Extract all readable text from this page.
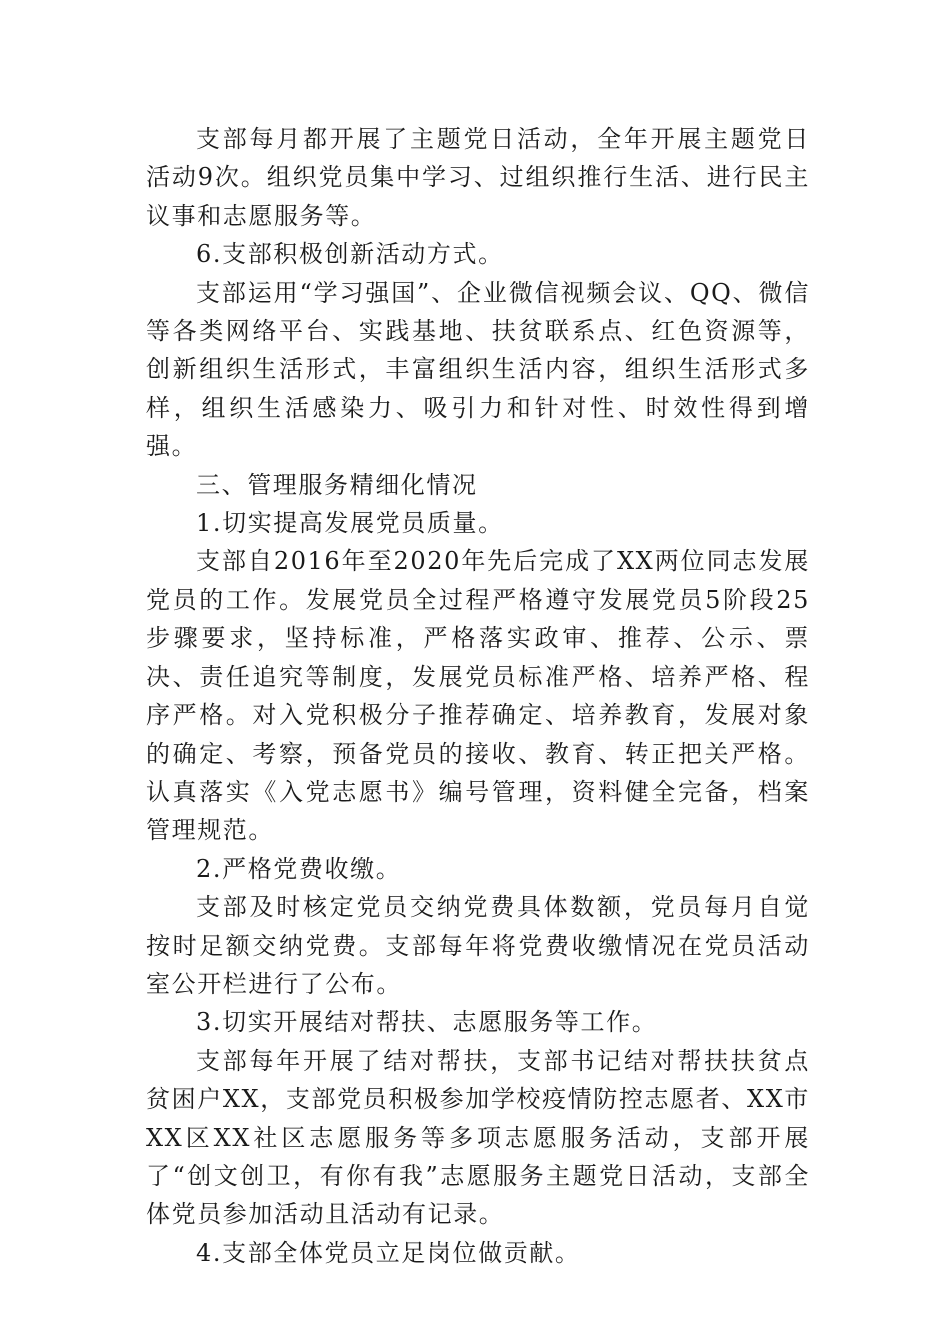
支部每月都开展了主题党日活动，全年开展主题党日活动9次。组织党员集中学习、过组织推行生活、进行民主议事和志愿服务等。

6.支部积极创新活动方式。

支部运用“学习强国”、企业微信视频会议、QQ、微信等各类网络平台、实践基地、扶贫联系点、红色资源等，创新组织生活形式，丰富组织生活内容，组织生活形式多样，组织生活感染力、吸引力和针对性、时效性得到增强。

三、管理服务精细化情况

1.切实提高发展党员质量。

支部自2016年至2020年先后完成了XX两位同志发展党员的工作。发展党员全过程严格遵守发展党员5阶段25步骤要求，坚持标准，严格落实政审、推荐、公示、票决、责任追究等制度，发展党员标准严格、培养严格、程序严格。对入党积极分子推荐确定、培养教育，发展对象的确定、考察，预备党员的接收、教育、转正把关严格。认真落实《入党志愿书》编号管理，资料健全完备，档案管理规范。

2.严格党费收缴。

支部及时核定党员交纳党费具体数额，党员每月自觉按时足额交纳党费。支部每年将党费收缴情况在党员活动室公开栏进行了公布。

3.切实开展结对帮扶、志愿服务等工作。

支部每年开展了结对帮扶，支部书记结对帮扶扶贫点贫困户XX，支部党员积极参加学校疫情防控志愿者、XX市XX区XX社区志愿服务等多项志愿服务活动，支部开展了“创文创卫，有你有我”志愿服务主题党日活动，支部全体党员参加活动且活动有记录。

4.支部全体党员立足岗位做贡献。
